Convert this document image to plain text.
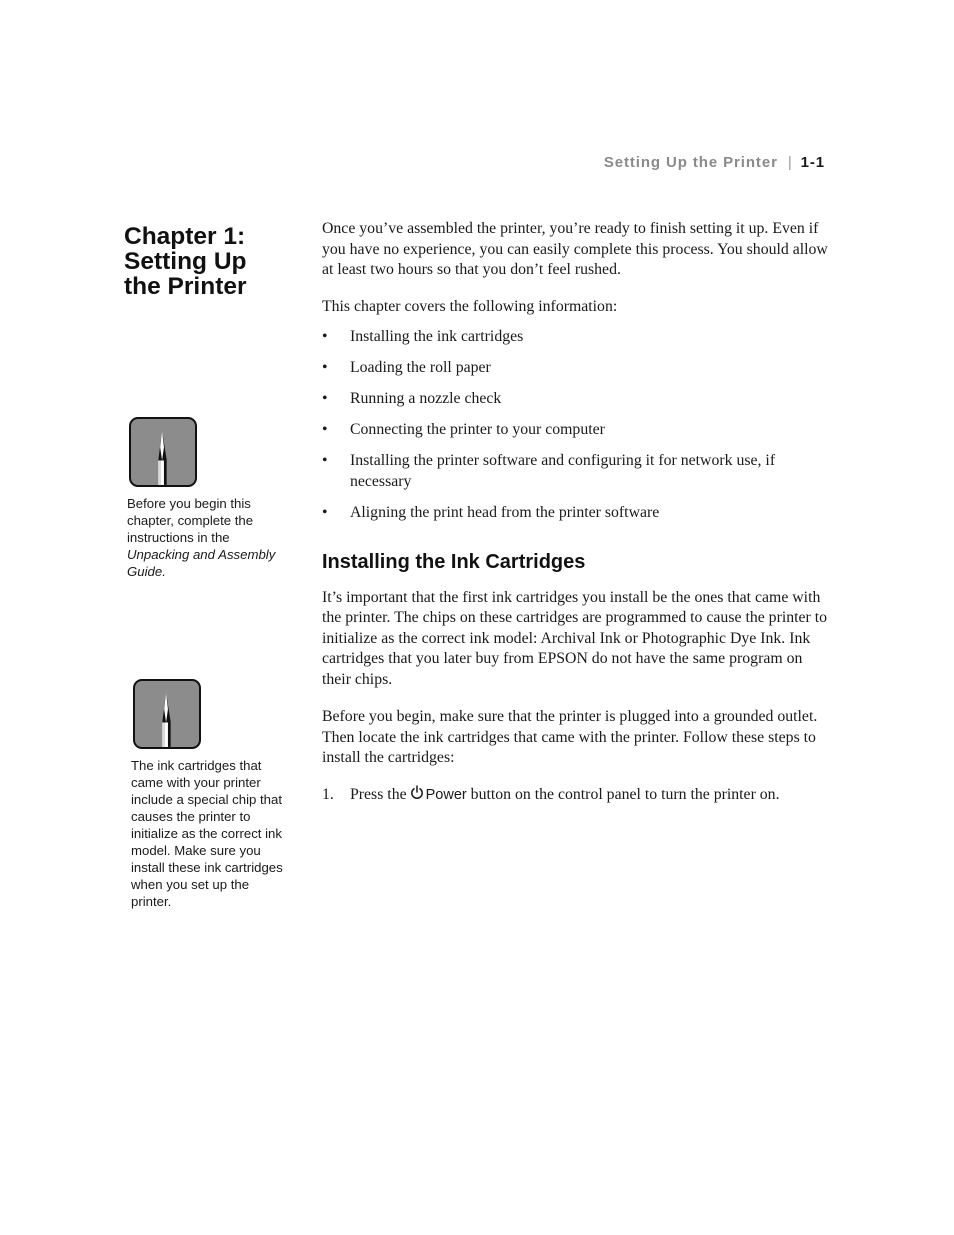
Setting Up the Printer | 1-1
Chapter 1:
Setting Up
the Printer
Before you begin this chapter, complete the instructions in the Unpacking and Assembly Guide.
The ink cartridges that came with your printer include a special chip that causes the printer to initialize as the correct ink model. Make sure you install these ink cartridges when you set up the printer.

Once you’ve assembled the printer, you’re ready to finish setting it up. Even if you have no experience, you can easily complete this process. You should allow at least two hours so that you don’t feel rushed.

This chapter covers the following information:

• Installing the ink cartridges
• Loading the roll paper
• Running a nozzle check
• Connecting the printer to your computer
• Installing the printer software and configuring it for network use, if necessary
• Aligning the print head from the printer software
Installing the Ink Cartridges

It’s important that the first ink cartridges you install be the ones that came with the printer. The chips on these cartridges are programmed to cause the printer to initialize as the correct ink model: Archival Ink or Photographic Dye Ink. Ink cartridges that you later buy from EPSON do not have the same program on their chips.

Before you begin, make sure that the printer is plugged into a grounded outlet. Then locate the ink cartridges that came with the printer. Follow these steps to install the cartridges:

1. Press the Power button on the control panel to turn the printer on.
